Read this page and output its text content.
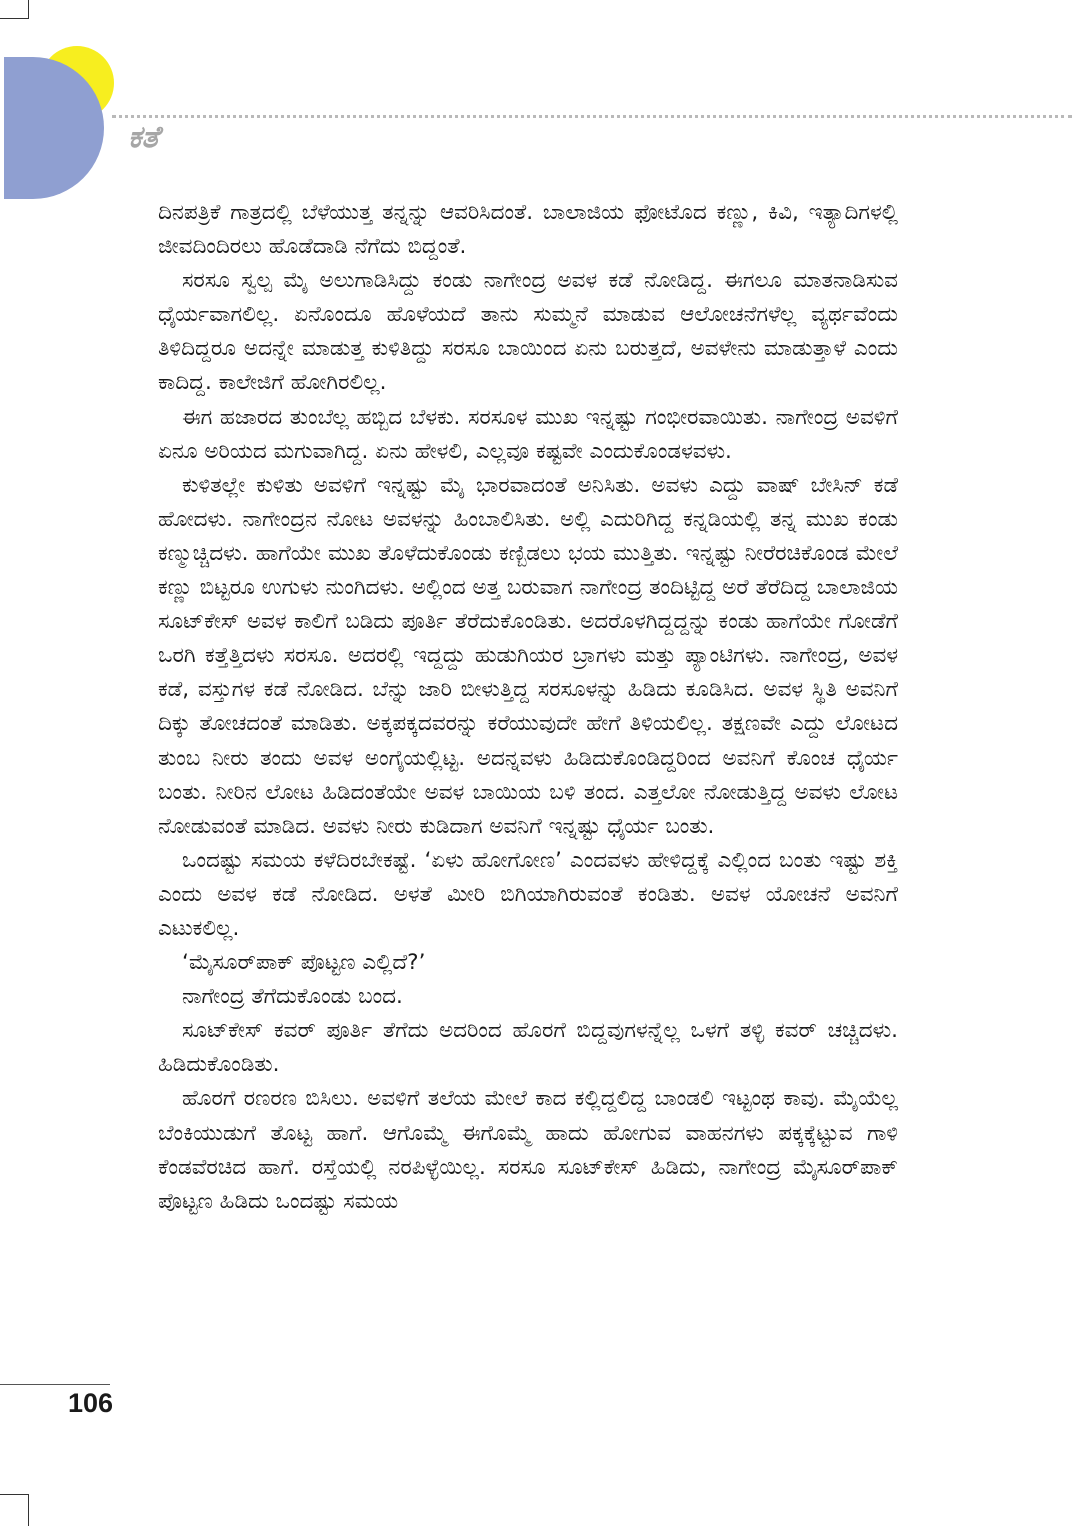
ಕತೆ

ದಿನಪತ್ರಿಕೆ ಗಾತ್ರದಲ್ಲಿ ಬೆಳೆಯುತ್ತ ತನ್ನನ್ನು ಆವರಿಸಿದಂತೆ. ಬಾಲಾಜಿಯ ಫೋಟೊದ ಕಣ್ಣು, ಕಿವಿ, ಇತ್ಯಾದಿಗಳಲ್ಲಿ ಜೀವದಿಂದಿರಲು ಹೊಡೆದಾಡಿ ನೆಗೆದು ಬಿದ್ದಂತೆ.

ಸರಸೂ ಸ್ವಲ್ಪ ಮೈ ಅಲುಗಾಡಿಸಿದ್ದು ಕಂಡು ನಾಗೇಂದ್ರ ಅವಳ ಕಡೆ ನೋಡಿದ್ದ. ಈಗಲೂ ಮಾತನಾಡಿಸುವ ಧೈರ್ಯವಾಗಲಿಲ್ಲ. ಏನೊಂದೂ ಹೊಳೆಯದೆ ತಾನು ಸುಮ್ಮನೆ ಮಾಡುವ ಆಲೋಚನೆಗಳೆಲ್ಲ ವ್ಯರ್ಥವೆಂದು ತಿಳಿದಿದ್ದರೂ ಅದನ್ನೇ ಮಾಡುತ್ತ ಕುಳಿತಿದ್ದು ಸರಸೂ ಬಾಯಿಂದ ಏನು ಬರುತ್ತದೆ, ಅವಳೇನು ಮಾಡುತ್ತಾಳೆ ಎಂದು ಕಾದಿದ್ದ. ಕಾಲೇಜಿಗೆ ಹೋಗಿರಲಿಲ್ಲ.

ಈಗ ಹಜಾರದ ತುಂಬೆಲ್ಲ ಹಬ್ಬಿದ ಬೆಳಕು. ಸರಸೂಳ ಮುಖ ಇನ್ನಷ್ಟು ಗಂಭೀರವಾಯಿತು. ನಾಗೇಂದ್ರ ಅವಳಿಗೆ ಏನೂ ಅರಿಯದ ಮಗುವಾಗಿದ್ದ. ಏನು ಹೇಳಲಿ, ಎಲ್ಲವೂ ಕಷ್ಟವೇ ಎಂದುಕೊಂಡಳವಳು.

ಕುಳಿತಲ್ಲೇ ಕುಳಿತು ಅವಳಿಗೆ ಇನ್ನಷ್ಟು ಮೈ ಭಾರವಾದಂತೆ ಅನಿಸಿತು. ಅವಳು ಎದ್ದು ವಾಷ್ ಬೇಸಿನ್ ಕಡೆ ಹೋದಳು. ನಾಗೇಂದ್ರನ ನೋಟ ಅವಳನ್ನು ಹಿಂಬಾಲಿಸಿತು. ಅಲ್ಲಿ ಎದುರಿಗಿದ್ದ ಕನ್ನಡಿಯಲ್ಲಿ ತನ್ನ ಮುಖ ಕಂಡು ಕಣ್ಮುಚ್ಚಿದಳು. ಹಾಗೆಯೇ ಮುಖ ತೊಳೆದುಕೊಂಡು ಕಣ್ಬಿಡಲು ಭಯ ಮುತ್ತಿತು. ಇನ್ನಷ್ಟು ನೀರೆರಚಿಕೊಂಡ ಮೇಲೆ ಕಣ್ಣು ಬಿಟ್ಟರೂ ಉಗುಳು ನುಂಗಿದಳು. ಅಲ್ಲಿಂದ ಅತ್ತ ಬರುವಾಗ ನಾಗೇಂದ್ರ ತಂದಿಟ್ಟಿದ್ದ ಅರೆ ತೆರೆದಿದ್ದ ಬಾಲಾಜಿಯ ಸೂಟ್‌ಕೇಸ್ ಅವಳ ಕಾಲಿಗೆ ಬಡಿದು ಪೂರ್ತಿ ತೆರೆದುಕೊಂಡಿತು. ಅದರೊಳಗಿದ್ದದ್ದನ್ನು ಕಂಡು ಹಾಗೆಯೇ ಗೋಡೆಗೆ ಒರಗಿ ಕತ್ತೆತ್ತಿದಳು ಸರಸೂ. ಅದರಲ್ಲಿ ಇದ್ದದ್ದು ಹುಡುಗಿಯರ ಬ್ರಾಗಳು ಮತ್ತು ಪ್ಯಾಂಟಿಗಳು. ನಾಗೇಂದ್ರ, ಅವಳ ಕಡೆ, ವಸ್ತುಗಳ ಕಡೆ ನೋಡಿದ. ಬೆನ್ನು ಜಾರಿ ಬೀಳುತ್ತಿದ್ದ ಸರಸೂಳನ್ನು ಹಿಡಿದು ಕೂಡಿಸಿದ. ಅವಳ ಸ್ಥಿತಿ ಅವನಿಗೆ ದಿಕ್ಕು ತೋಚದಂತೆ ಮಾಡಿತು. ಅಕ್ಕಪಕ್ಕದವರನ್ನು ಕರೆಯುವುದೇ ಹೇಗೆ ತಿಳಿಯಲಿಲ್ಲ. ತಕ್ಷಣವೇ ಎದ್ದು ಲೋಟದ ತುಂಬ ನೀರು ತಂದು ಅವಳ ಅಂಗೈಯಲ್ಲಿಟ್ಟ. ಅದನ್ನವಳು ಹಿಡಿದುಕೊಂಡಿದ್ದರಿಂದ ಅವನಿಗೆ ಕೊಂಚ ಧೈರ್ಯ ಬಂತು. ನೀರಿನ ಲೋಟ ಹಿಡಿದಂತೆಯೇ ಅವಳ ಬಾಯಿಯ ಬಳಿ ತಂದ. ಎತ್ತಲೋ ನೋಡುತ್ತಿದ್ದ ಅವಳು ಲೋಟ ನೋಡುವಂತೆ ಮಾಡಿದ. ಅವಳು ನೀರು ಕುಡಿದಾಗ ಅವನಿಗೆ ಇನ್ನಷ್ಟು ಧೈರ್ಯ ಬಂತು.

ಒಂದಷ್ಟು ಸಮಯ ಕಳೆದಿರಬೇಕಷ್ಟೆ. ‘ಏಳು ಹೋಗೋಣ’ ಎಂದವಳು ಹೇಳಿದ್ದಕ್ಕೆ ಎಲ್ಲಿಂದ ಬಂತು ಇಷ್ಟು ಶಕ್ತಿ ಎಂದು ಅವಳ ಕಡೆ ನೋಡಿದ. ಅಳತೆ ಮೀರಿ ಬಿಗಿಯಾಗಿರುವಂತೆ ಕಂಡಿತು. ಅವಳ ಯೋಚನೆ ಅವನಿಗೆ ಎಟುಕಲಿಲ್ಲ.

‘ಮೈಸೂರ್‌ಪಾಕ್ ಪೊಟ್ಟಣ ಎಲ್ಲಿದೆ?’

ನಾಗೇಂದ್ರ ತೆಗೆದುಕೊಂಡು ಬಂದ.

ಸೂಟ್‌ಕೇಸ್ ಕವರ್ ಪೂರ್ತಿ ತೆಗೆದು ಅದರಿಂದ ಹೊರಗೆ ಬಿದ್ದವುಗಳನ್ನೆಲ್ಲ ಒಳಗೆ ತಳ್ಳಿ ಕವರ್ ಚಚ್ಚಿದಳು. ಹಿಡಿದುಕೊಂಡಿತು.

ಹೊರಗೆ ರಣರಣ ಬಿಸಿಲು. ಅವಳಿಗೆ ತಲೆಯ ಮೇಲೆ ಕಾದ ಕಲ್ಲಿದ್ದಲಿದ್ದ ಬಾಂಡಲಿ ಇಟ್ಟಂಥ ಕಾವು. ಮೈಯೆಲ್ಲ ಬೆಂಕಿಯುಡುಗೆ ತೊಟ್ಟ ಹಾಗೆ. ಆಗೊಮ್ಮೆ ಈಗೊಮ್ಮೆ ಹಾದು ಹೋಗುವ ವಾಹನಗಳು ಪಕ್ಕಕ್ಕೆಟ್ಟುವ ಗಾಳಿ ಕೆಂಡವೆರಚಿದ ಹಾಗೆ. ರಸ್ತೆಯಲ್ಲಿ ನರಪಿಳ್ಳೆಯಿಲ್ಲ. ಸರಸೂ ಸೂಟ್‌ಕೇಸ್ ಹಿಡಿದು, ನಾಗೇಂದ್ರ ಮೈಸೂರ್‌ಪಾಕ್ ಪೊಟ್ಟಣ ಹಿಡಿದು ಒಂದಷ್ಟು ಸಮಯ

106
